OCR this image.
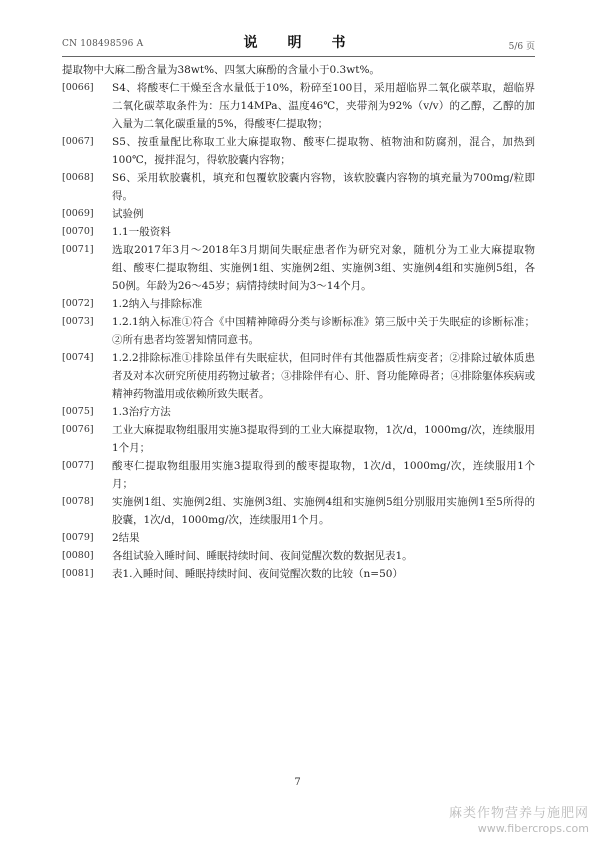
CN 108498596 A	说　明　书	5/6 页

提取物中大麻二酚含量为38wt%、四氢大麻酚的含量小于0.3wt%。

[0066] S4、将酸枣仁干燥至含水量低于10%，粉碎至100目，采用超临界二氧化碳萃取，超临界二氧化碳萃取条件为：压力14MPa、温度46℃，夹带剂为92%（v/v）的乙醇，乙醇的加入量为二氧化碳重量的5%，得酸枣仁提取物；

[0067] S5、按重量配比称取工业大麻提取物、酸枣仁提取物、植物油和防腐剂，混合，加热到100℃，搅拌混匀，得软胶囊内容物；

[0068] S6、采用软胶囊机，填充和包覆软胶囊内容物，该软胶囊内容物的填充量为700mg/粒即得。

[0069] 试验例

[0070] 1.1一般资料

[0071] 选取2017年3月～2018年3月期间失眠症患者作为研究对象，随机分为工业大麻提取物组、酸枣仁提取物组、实施例1组、实施例2组、实施例3组、实施例4组和实施例5组，各50例。年龄为26～45岁；病情持续时间为3～14个月。

[0072] 1.2纳入与排除标准

[0073] 1.2.1纳入标准①符合《中国精神障碍分类与诊断标准》第三版中关于失眠症的诊断标准；②所有患者均签署知情同意书。

[0074] 1.2.2排除标准①排除虽伴有失眠症状，但同时伴有其他器质性病变者；②排除过敏体质患者及对本次研究所使用药物过敏者；③排除伴有心、肝、肾功能障碍者；④排除躯体疾病或精神药物滥用或依赖所致失眠者。

[0075] 1.3治疗方法

[0076] 工业大麻提取物组服用实施3提取得到的工业大麻提取物，1次/d，1000mg/次，连续服用1个月；

[0077] 酸枣仁提取物组服用实施3提取得到的酸枣提取物，1次/d，1000mg/次，连续服用1个月；

[0078] 实施例1组、实施例2组、实施例3组、实施例4组和实施例5组分别服用实施例1至5所得的胶囊，1次/d，1000mg/次，连续服用1个月。

[0079] 2结果

[0080] 各组试验入睡时间、睡眠持续时间、夜间觉醒次数的数据见表1。

[0081] 表1.入睡时间、睡眠持续时间、夜间觉醒次数的比较（n=50）

7
麻类作物营养与施肥网
www.fibercrops.com
